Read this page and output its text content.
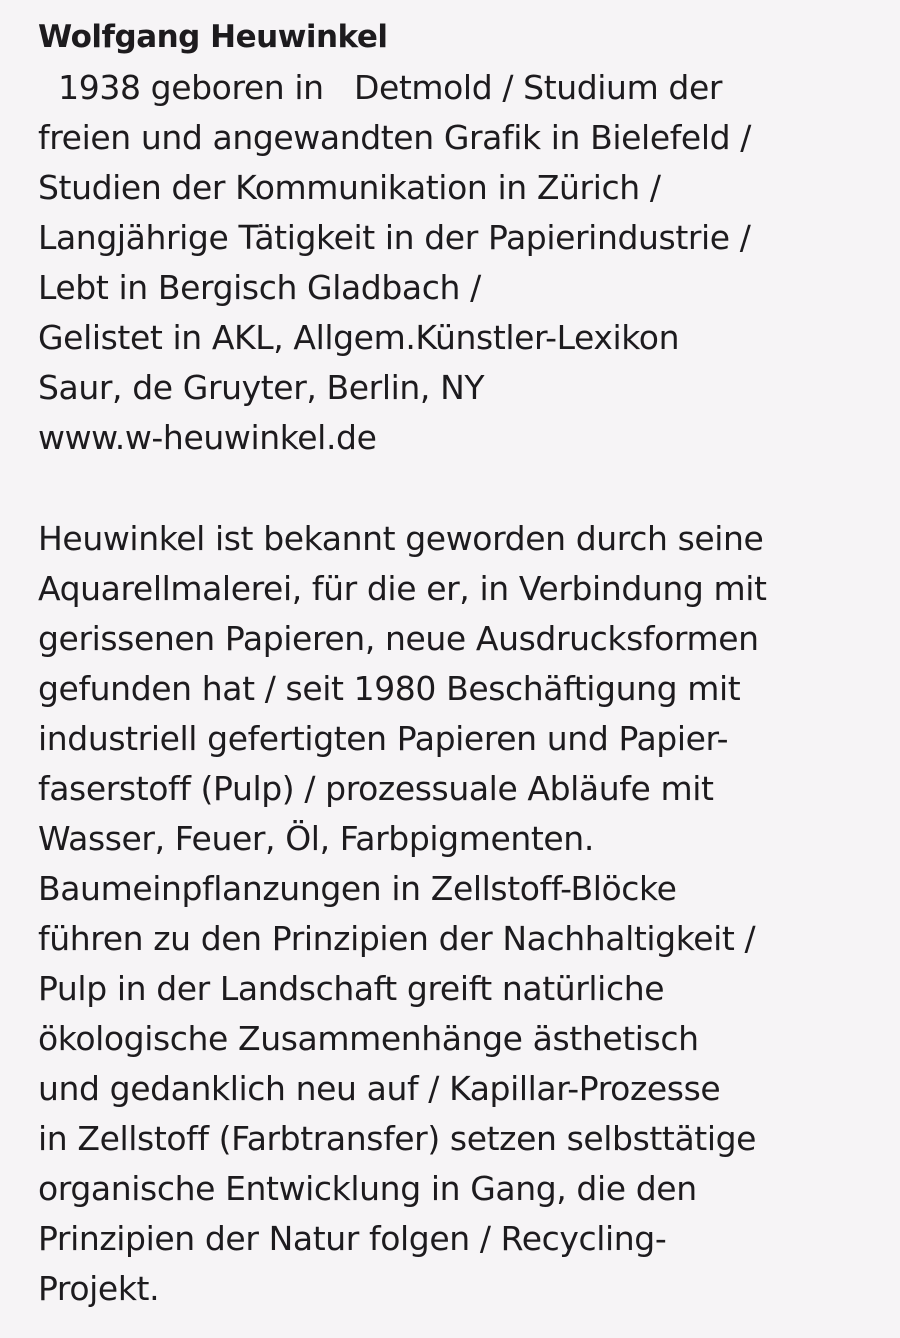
Wolfgang Heuwinkel
1938 geboren in   Detmold / Studium der
freien und angewandten Grafik in Bielefeld /
Studien der Kommunikation in Zürich /
Langjährige Tätigkeit in der Papierindustrie /
Lebt in Bergisch Gladbach /
Gelistet in AKL, Allgem.Künstler-Lexikon
Saur, de Gruyter, Berlin, NY
www.w-heuwinkel.de
Heuwinkel ist bekannt geworden durch seine
Aquarellmalerei, für die er, in Verbindung mit
gerissenen Papieren, neue Ausdrucksformen
gefunden hat / seit 1980 Beschäftigung mit
industriell gefertigten Papieren und Papier-
faserstoff (Pulp) / prozessuale Abläufe mit
Wasser, Feuer, Öl, Farbpigmenten.
Baumeinpflanzungen in Zellstoff-Blöcke
führen zu den Prinzipien der Nachhaltigkeit /
Pulp in der Landschaft greift natürliche
ökologische Zusammenhänge ästhetisch
und gedanklich neu auf / Kapillar-Prozesse
in Zellstoff (Farbtransfer) setzen selbsttätige
organische Entwicklung in Gang, die den
Prinzipien der Natur folgen / Recycling-
Projekt.
